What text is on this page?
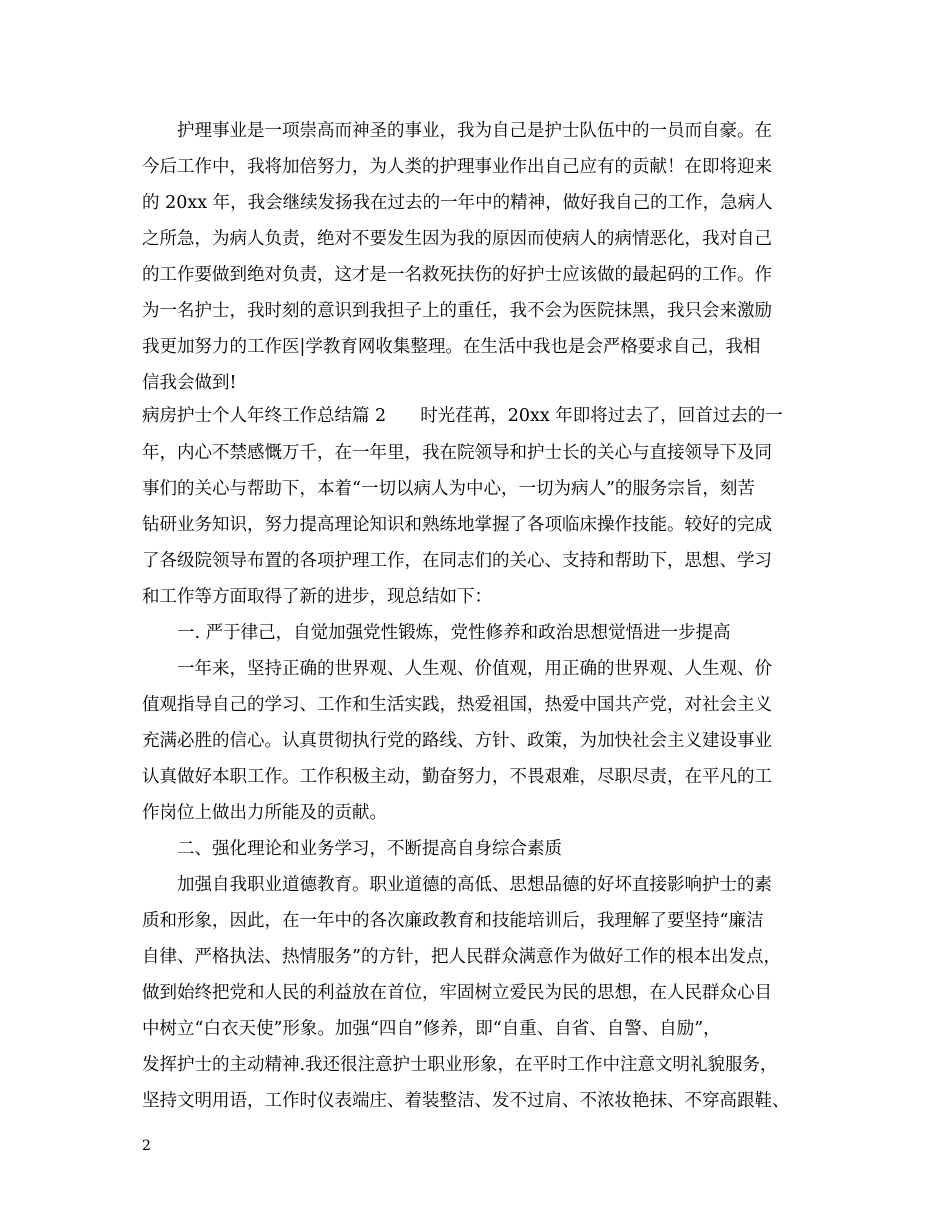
护理事业是一项崇高而神圣的事业，我为自己是护士队伍中的一员而自豪。在
今后工作中，我将加倍努力，为人类的护理事业作出自己应有的贡献！在即将迎来
的 20xx 年，我会继续发扬我在过去的一年中的精神，做好我自己的工作，急病人
之所急，为病人负责，绝对不要发生因为我的原因而使病人的病情恶化，我对自己
的工作要做到绝对负责，这才是一名救死扶伤的好护士应该做的最起码的工作。作
为一名护士，我时刻的意识到我担子上的重任，我不会为医院抹黑，我只会来激励
我更加努力的工作医|学教育网收集整理。在生活中我也是会严格要求自己，我相
信我会做到!
病房护士个人年终工作总结篇 2 时光荏苒，20xx 年即将过去了，回首过去的一
年，内心不禁感慨万千，在一年里，我在院领导和护士长的关心与直接领导下及同
事们的关心与帮助下，本着“一切以病人为中心，一切为病人”的服务宗旨，刻苦
钻研业务知识，努力提高理论知识和熟练地掌握了各项临床操作技能。较好的完成
了各级院领导布置的各项护理工作，在同志们的关心、支持和帮助下，思想、学习
和工作等方面取得了新的进步，现总结如下：
一. 严于律己，自觉加强党性锻炼，党性修养和政治思想觉悟进一步提高
一年来，坚持正确的世界观、人生观、价值观，用正确的世界观、人生观、价
值观指导自己的学习、工作和生活实践，热爱祖国，热爱中国共产党，对社会主义
充满必胜的信心。认真贯彻执行党的路线、方针、政策，为加快社会主义建设事业
认真做好本职工作。工作积极主动，勤奋努力，不畏艰难，尽职尽责，在平凡的工
作岗位上做出力所能及的贡献。
二、强化理论和业务学习，不断提高自身综合素质
加强自我职业道德教育。职业道德的高低、思想品德的好坏直接影响护士的素
质和形象，因此，在一年中的各次廉政教育和技能培训后，我理解了要坚持“廉洁
自律、严格执法、热情服务”的方针，把人民群众满意作为做好工作的根本出发点，
做到始终把党和人民的利益放在首位，牢固树立爱民为民的思想，在人民群众心目
中树立“白衣天使”形象。加强“四自”修养，即“自重、自省、自警、自励”，
发挥护士的主动精神.我还很注意护士职业形象，在平时工作中注意文明礼貌服务，
坚持文明用语，工作时仪表端庄、着装整洁、发不过肩、不浓妆艳抹、不穿高跟鞋、
2
